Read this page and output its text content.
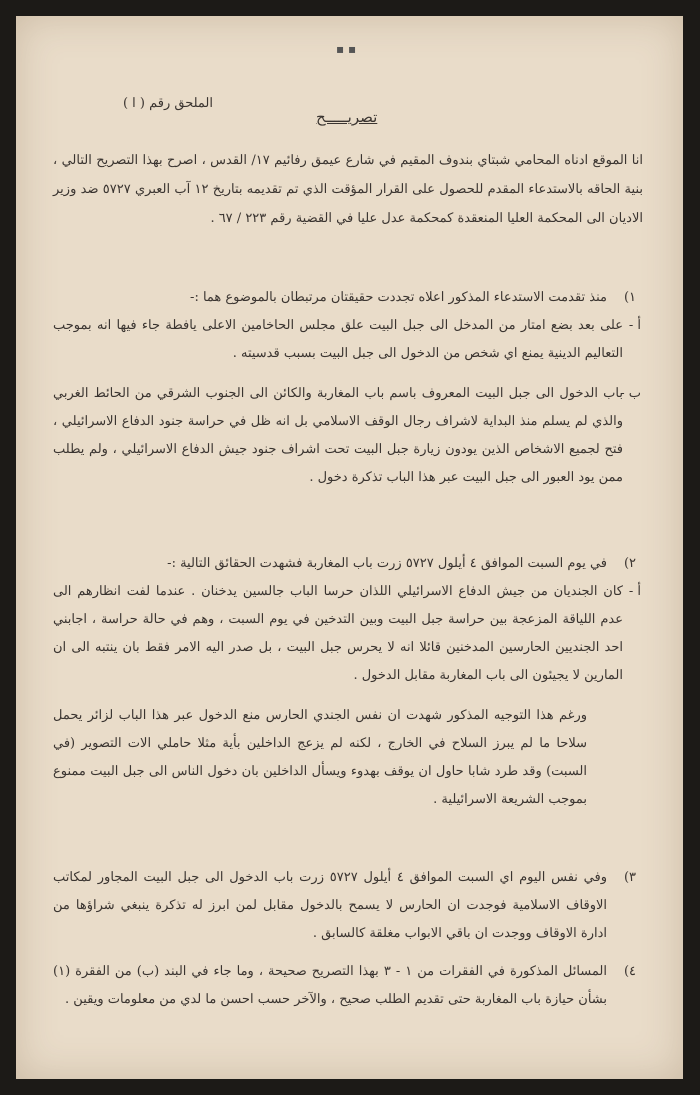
▪ ▪
الملحق رقم ( ا )
تصريـــــح
انا الموقع ادناه المحامي شبتاي بندوف المقيم في شارع عيمق رفائيم ١٧/ القدس ، اصرح بهذا التصريح التالي ، بنية الحاقه بالاستدعاء المقدم للحصول على القرار المؤقت الذي تم تقديمه بتاريخ ١٢ آب العبري ٥٧٢٧ ضد وزير الاديان الى المحكمة العليا المنعقدة كمحكمة عدل عليا في القضية رقم ٢٢٣ / ٦٧ .
١)
منذ تقدمت الاستدعاء المذكور اعلاه تجددت حقيقتان مرتبطان بالموضوع هما :-
أ -
على بعد بضع امتار من المدخل الى جبل البيت علق مجلس الحاخامين الاعلى يافطة جاء فيها انه بموجب التعاليم الدينية يمنع اي شخص من الدخول الى جبل البيت بسبب قدسيته .
ب -
باب الدخول الى جبل البيت المعروف باسم باب المغاربة والكائن الى الجنوب الشرقي من الحائط الغربي والذي لم يسلم منذ البداية لاشراف رجال الوقف الاسلامي بل انه ظل في حراسة جنود الدفاع الاسرائيلي ، فتح لجميع الاشخاص الذين يودون زيارة جبل البيت تحت اشراف جنود جيش الدفاع الاسرائيلي ، ولم يطلب ممن يود العبور الى جبل البيت عبر هذا الباب تذكرة دخول .
٢)
في يوم السبت الموافق ٤ أيلول ٥٧٢٧ زرت باب المغاربة فشهدت الحقائق التالية :-
أ -
كان الجنديان من جيش الدفاع الاسرائيلي اللذان حرسا الباب جالسين يدخنان . عندما لفت انظارهم الى عدم اللياقة المزعجة بين حراسة جبل البيت وبين التدخين في يوم السبت ، وهم في حالة حراسة ، اجابني احد الجنديين الحارسين المدخنين قائلا انه لا يحرس جبل البيت ، بل صدر اليه الامر فقط بان ينتبه الى ان المارين لا يجيئون الى باب المغاربة مقابل الدخول .
ورغم هذا التوجيه المذكور شهدت ان نفس الجندي الحارس منع الدخول عبر هذا الباب لزائر يحمل سلاحا ما لم يبرز السلاح في الخارج ، لكنه لم يزعج الداخلين بأية مثلا حاملي الات التصوير (في السبت) وقد طرد شابا حاول ان يوقف بهدوء ويسأل الداخلين بان دخول الناس الى جبل البيت ممنوع بموجب الشريعة الاسرائيلية .
٣)
وفي نفس اليوم اي السبت الموافق ٤ أيلول ٥٧٢٧ زرت باب الدخول الى جبل البيت المجاور لمكاتب الاوقاف الاسلامية فوجدت ان الحارس لا يسمح بالدخول مقابل لمن ابرز له تذكرة ينبغي شراؤها من ادارة الاوقاف ووجدت ان باقي الابواب مغلقة كالسابق .
٤)
المسائل المذكورة في الفقرات من ١ - ٣ بهذا التصريح صحيحة ، وما جاء في البند (ب) من الفقرة (١) بشأن حيازة باب المغاربة حتى تقديم الطلب صحيح ، والآخر حسب احسن ما لدي من معلومات ويقين .
